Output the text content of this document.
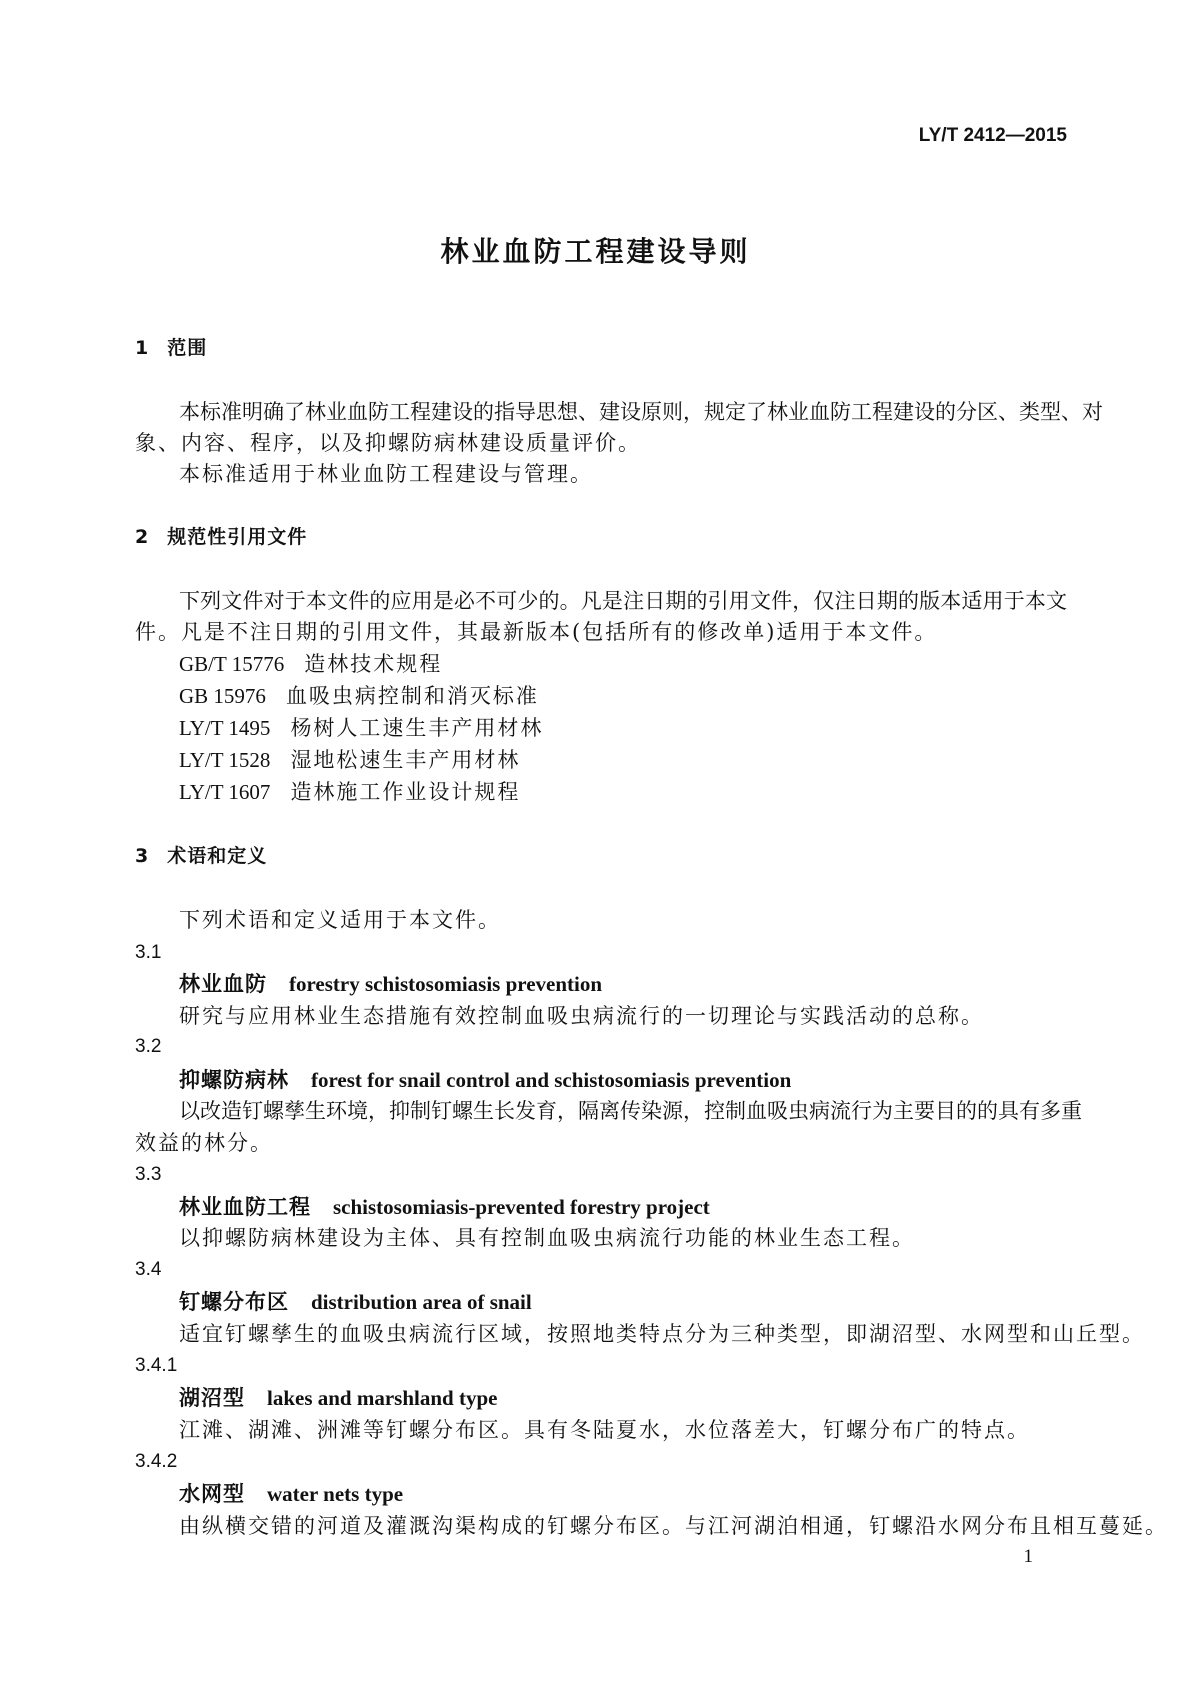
LY/T 2412—2015
林业血防工程建设导则
1 范围
本标准明确了林业血防工程建设的指导思想、建设原则，规定了林业血防工程建设的分区、类型、对
象、内容、程序，以及抑螺防病林建设质量评价。
本标准适用于林业血防工程建设与管理。
2 规范性引用文件
下列文件对于本文件的应用是必不可少的。凡是注日期的引用文件，仅注日期的版本适用于本文
件。凡是不注日期的引用文件，其最新版本(包括所有的修改单)适用于本文件。
GB/T 15776 造林技术规程
GB 15976 血吸虫病控制和消灭标准
LY/T 1495 杨树人工速生丰产用材林
LY/T 1528 湿地松速生丰产用材林
LY/T 1607 造林施工作业设计规程
3 术语和定义
下列术语和定义适用于本文件。
3.1
林业血防 forestry schistosomiasis prevention
研究与应用林业生态措施有效控制血吸虫病流行的一切理论与实践活动的总称。
3.2
抑螺防病林 forest for snail control and schistosomiasis prevention
以改造钉螺孳生环境，抑制钉螺生长发育，隔离传染源，控制血吸虫病流行为主要目的的具有多重
效益的林分。
3.3
林业血防工程 schistosomiasis-prevented forestry project
以抑螺防病林建设为主体、具有控制血吸虫病流行功能的林业生态工程。
3.4
钉螺分布区 distribution area of snail
适宜钉螺孳生的血吸虫病流行区域，按照地类特点分为三种类型，即湖沼型、水网型和山丘型。
3.4.1
湖沼型 lakes and marshland type
江滩、湖滩、洲滩等钉螺分布区。具有冬陆夏水，水位落差大，钉螺分布广的特点。
3.4.2
水网型 water nets type
由纵横交错的河道及灌溉沟渠构成的钉螺分布区。与江河湖泊相通，钉螺沿水网分布且相互蔓延。
1
